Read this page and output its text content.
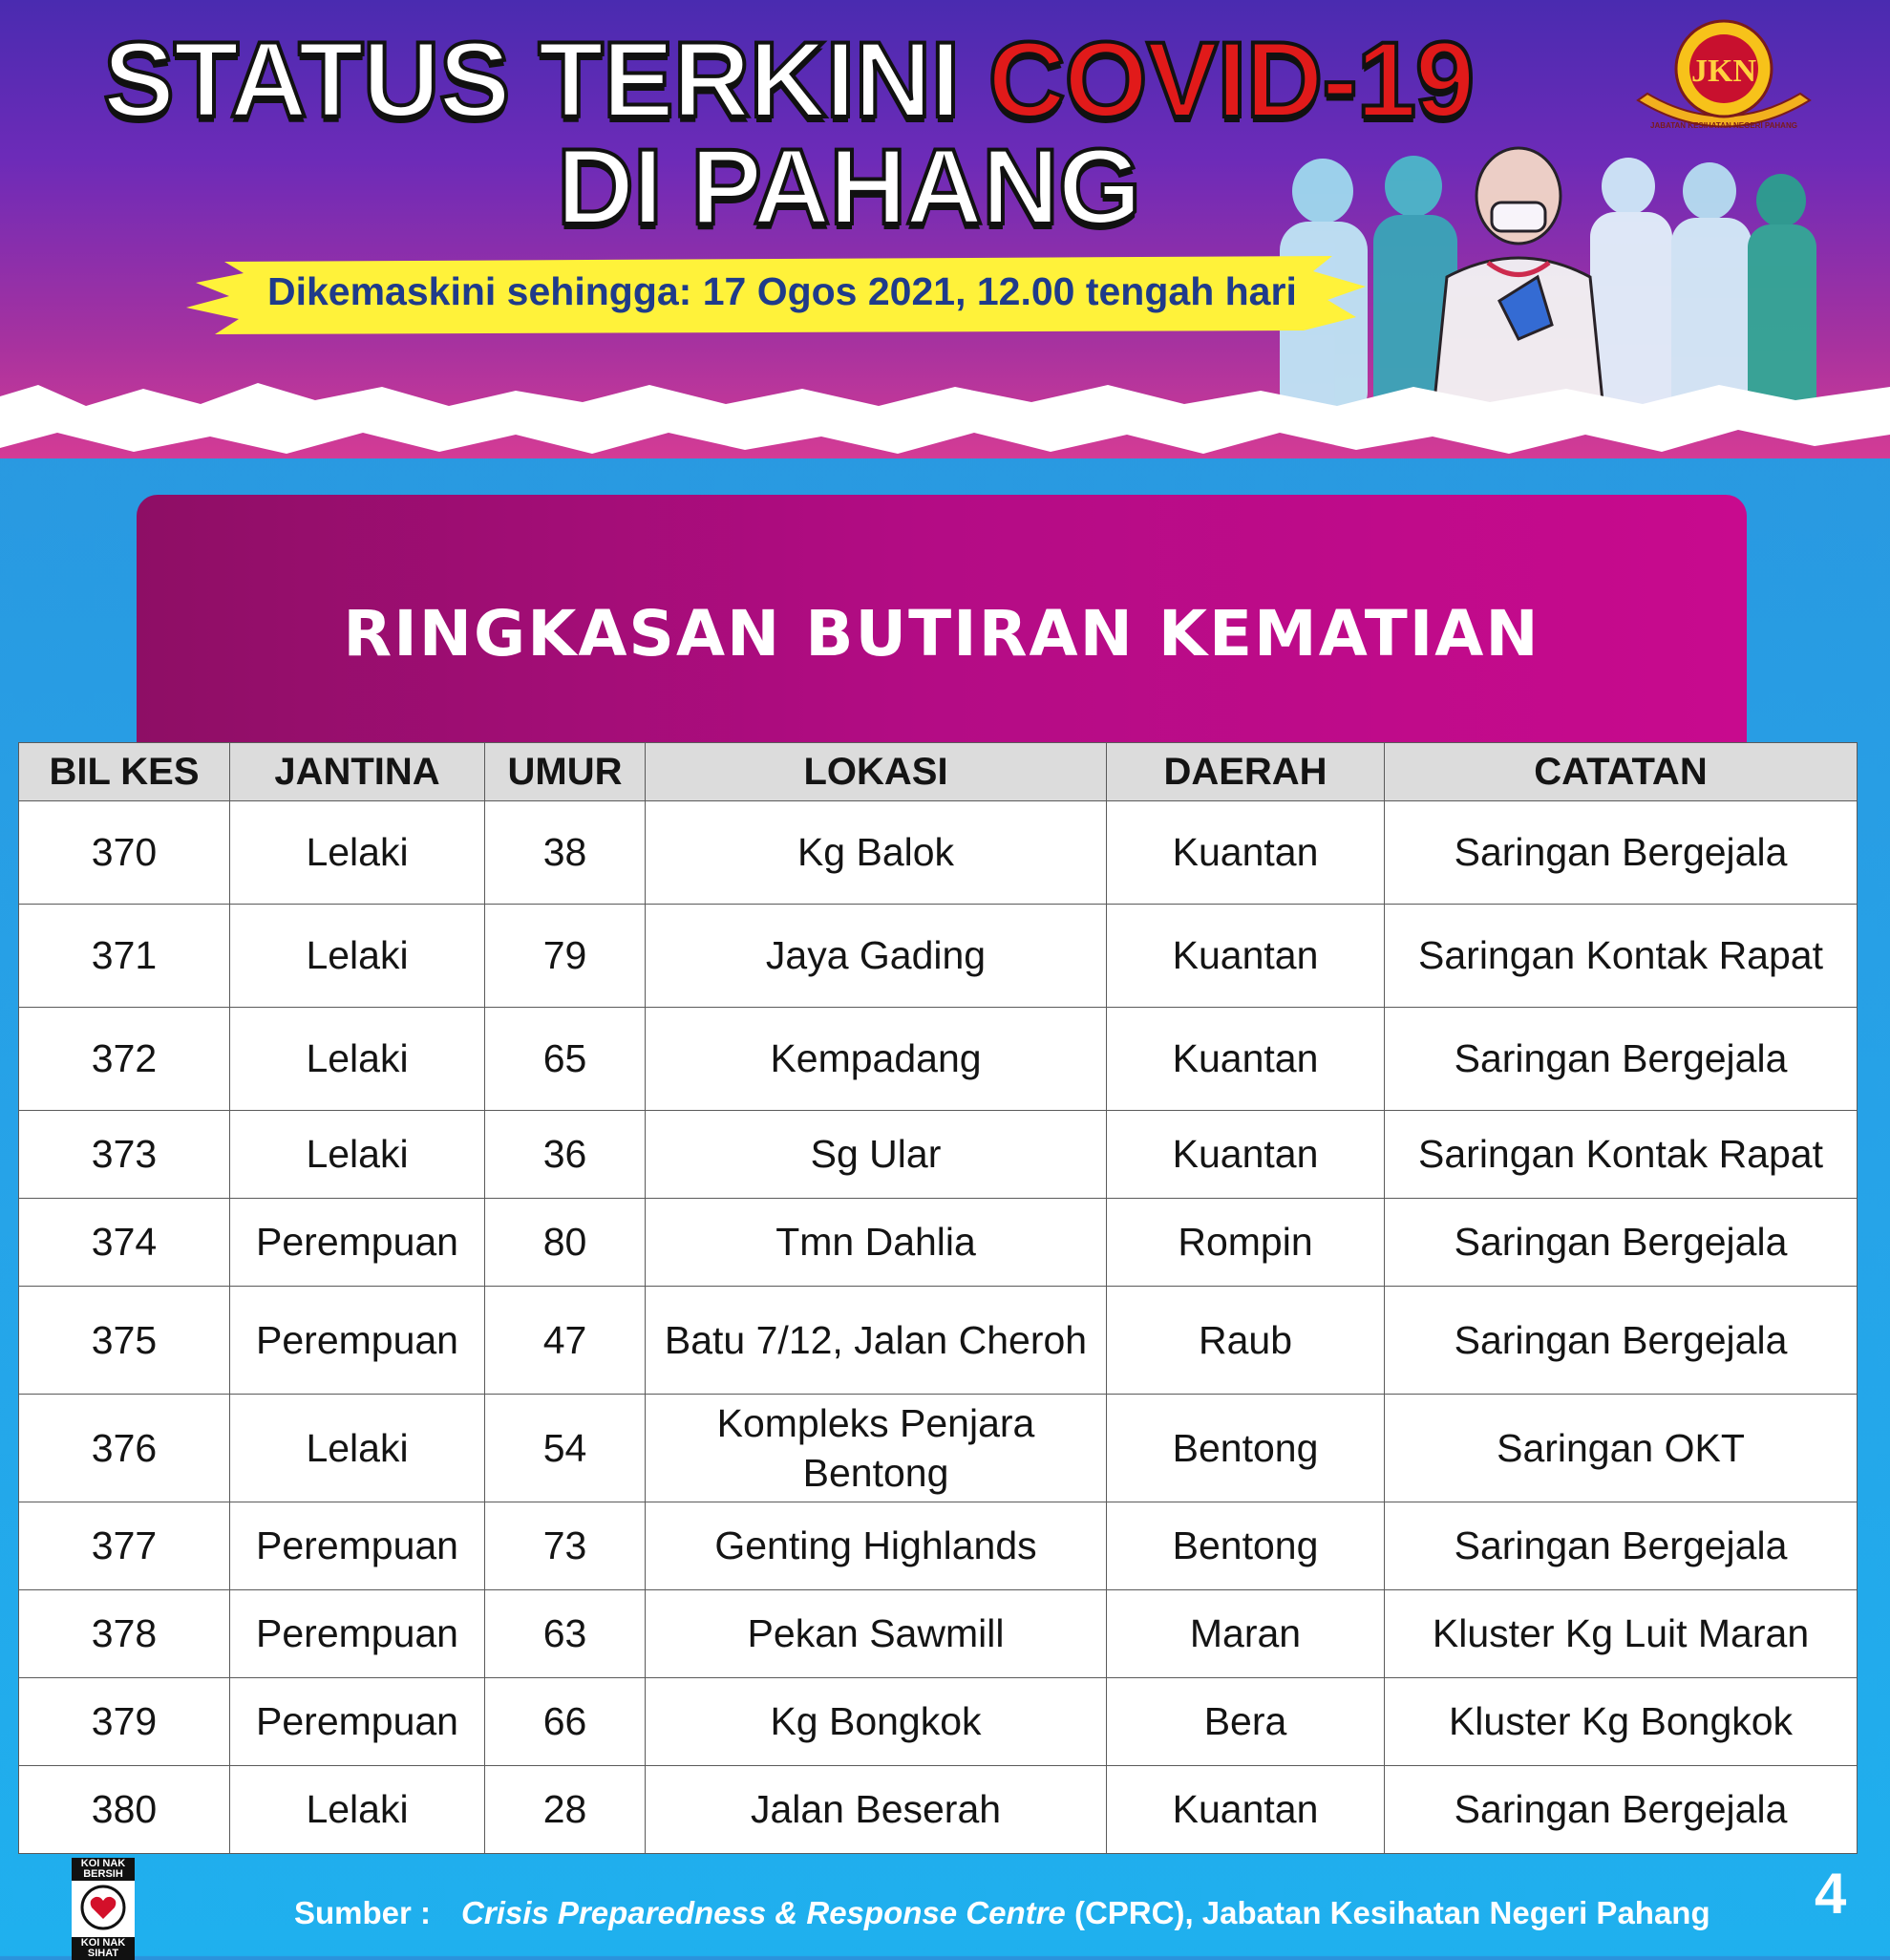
STATUS TERKINI COVID-19
DI PAHANG
Dikemaskini sehingga: 17 Ogos 2021, 12.00 tengah hari
JKN
JABATAN KESIHATAN NEGERI PAHANG
RINGKASAN BUTIRAN KEMATIAN
BIL KES	JANTINA	UMUR	LOKASI	DAERAH	CATATAN
370	Lelaki	38	Kg Balok	Kuantan	Saringan Bergejala
371	Lelaki	79	Jaya Gading	Kuantan	Saringan Kontak Rapat
372	Lelaki	65	Kempadang	Kuantan	Saringan Bergejala
373	Lelaki	36	Sg Ular	Kuantan	Saringan Kontak Rapat
374	Perempuan	80	Tmn Dahlia	Rompin	Saringan Bergejala
375	Perempuan	47	Batu 7/12, Jalan Cheroh	Raub	Saringan Bergejala
376	Lelaki	54	Kompleks Penjara Bentong	Bentong	Saringan OKT
377	Perempuan	73	Genting Highlands	Bentong	Saringan Bergejala
378	Perempuan	63	Pekan Sawmill	Maran	Kluster Kg Luit Maran
379	Perempuan	66	Kg Bongkok	Bera	Kluster Kg Bongkok
380	Lelaki	28	Jalan Beserah	Kuantan	Saringan Bergejala
KOI NAK BERSIH
KOI NAK SIHAT
Sumber : Crisis Preparedness & Response Centre (CPRC), Jabatan Kesihatan Negeri Pahang 4
